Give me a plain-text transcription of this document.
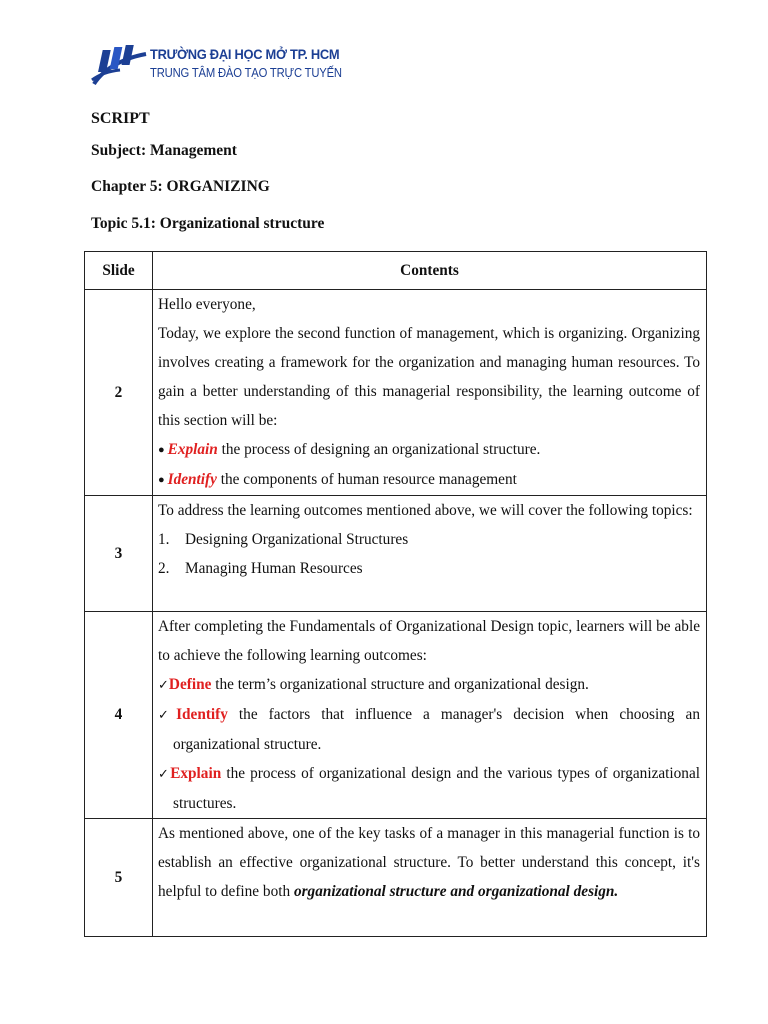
TRƯỜNG ĐẠI HỌC MỞ TP. HCM
TRUNG TÂM ĐÀO TẠO TRỰC TUYẾN
SCRIPT
Subject: Management
Chapter 5: ORGANIZING
Topic 5.1: Organizational structure
Slide	Contents
2	Hello everyone,

Today, we explore the second function of management, which is organizing. Organizing involves creating a framework for the organization and managing human resources. To gain a better understanding of this managerial responsibility, the learning outcome of this section will be:

● Explain the process of designing an organizational structure.
● Identify the components of human resource management

3	To address the learning outcomes mentioned above, we will cover the following topics:

1. Designing Organizational Structures
2. Managing Human Resources

4	After completing the Fundamentals of Organizational Design topic, learners will be able to achieve the following learning outcomes:

✓Define the term’s organizational structure and organizational design.
✓Identify the factors that influence a manager's decision when choosing an organizational structure.
✓Explain the process of organizational design and the various types of organizational structures.

5	As mentioned above, one of the key tasks of a manager in this managerial function is to establish an effective organizational structure. To better understand this concept, it's helpful to define both organizational structure and organizational design.
